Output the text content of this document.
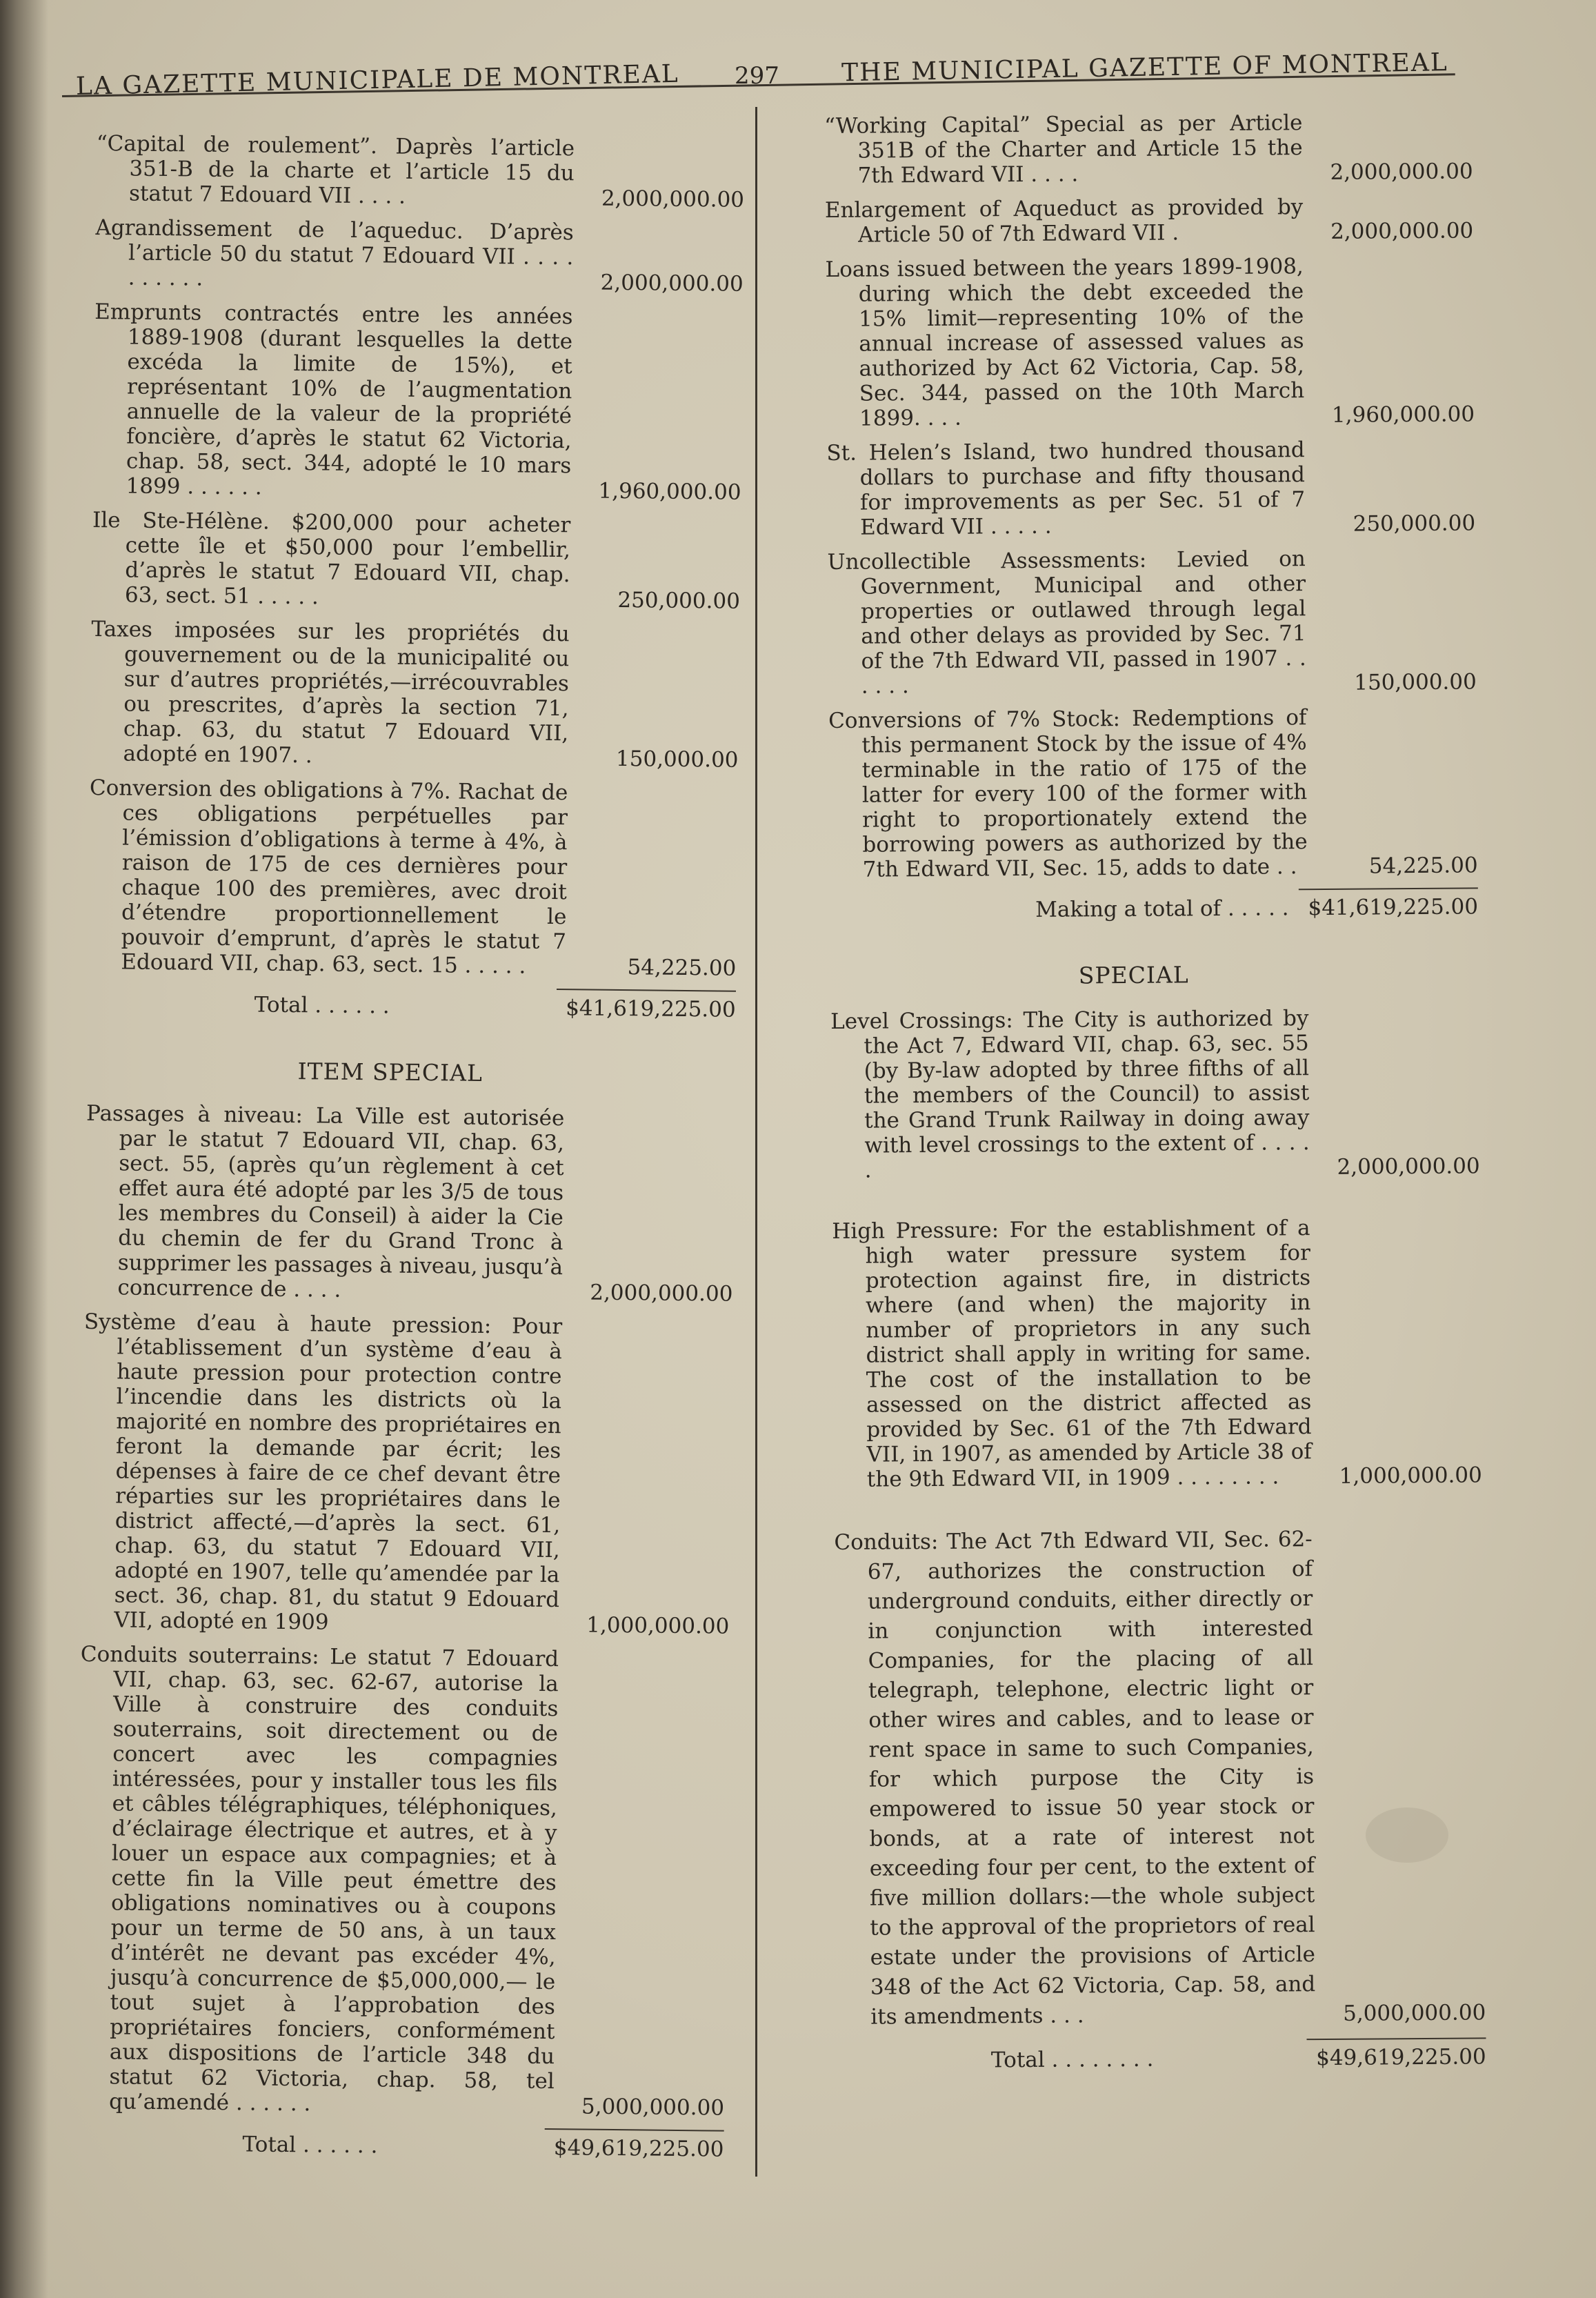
LA GAZETTE MUNICIPALE DE MONTREAL 297	THE MUNICIPAL GAZETTE OF MONTREAL
“Capital de roulement”. Daprès l’article 351-B de la charte et l’article 15 du statut 7 Edouard VII . . . .	2,000,000.00
Agrandissement de l’aqueduc. D’après l’article 50 du statut 7 Edouard VII . . . . . . . . . .	2,000,000.00
Emprunts contractés entre les années 1889-1908 (durant lesquelles la dette excéda la limite de 15%), et représentant 10% de l’augmentation annuelle de la valeur de la propriété foncière, d’après le statut 62 Victoria, chap. 58, sect. 344, adopté le 10 mars 1899 . . . . . .	1,960,000.00
Ile Ste-Hélène. $200,000 pour acheter cette île et $50,000 pour l’embellir, d’après le statut 7 Edouard VII, chap. 63, sect. 51 . . . . .	250,000.00
Taxes imposées sur les propriétés du gouvernement ou de la municipalité ou sur d’autres propriétés,—irrécouvrables ou prescrites, d’après la section 71, chap. 63, du statut 7 Edouard VII, adopté en 1907. .	150,000.00
Conversion des obligations à 7%. Rachat de ces obligations perpétuelles par l’émission d’obligations à terme à 4%, à raison de 175 de ces dernières pour chaque 100 des premières, avec droit d’étendre proportionnellement le pouvoir d’emprunt, d’après le statut 7 Edouard VII, chap. 63, sect. 15 . . . . .	54,225.00
Total . . . . . .	$41,619,225.00
ITEM SPECIAL
Passages à niveau: La Ville est autorisée par le statut 7 Edouard VII, chap. 63, sect. 55, (après qu’un règlement à cet effet aura été adopté par les 3/5 de tous les membres du Conseil) à aider la Cie du chemin de fer du Grand Tronc à supprimer les passages à niveau, jusqu’à concurrence de . . . .	2,000,000.00
Système d’eau à haute pression: Pour l’établissement d’un système d’eau à haute pression pour protection contre l’incendie dans les districts où la majorité en nombre des propriétaires en feront la demande par écrit; les dépenses à faire de ce chef devant être réparties sur les propriétaires dans le district affecté,—d’après la sect. 61, chap. 63, du statut 7 Edouard VII, adopté en 1907, telle qu’amendée par la sect. 36, chap. 81, du statut 9 Edouard VII, adopté en 1909	1,000,000.00
Conduits souterrains: Le statut 7 Edouard VII, chap. 63, sec. 62-67, autorise la Ville à construire des conduits souterrains, soit directement ou de concert avec les compagnies intéressées, pour y installer tous les fils et câbles télégraphiques, téléphoniques, d’éclairage électrique et autres, et à y louer un espace aux compagnies; et à cette fin la Ville peut émettre des obligations nominatives ou à coupons pour un terme de 50 ans, à un taux d’intérêt ne devant pas excéder 4%, jusqu’à concurrence de $5,000,000,— le tout sujet à l’approbation des propriétaires fonciers, conformément aux dispositions de l’article 348 du statut 62 Victoria, chap. 58, tel qu’amendé . . . . . .	5,000,000.00
Total . . . . . .	$49,619,225.00
“Working Capital” Special as per Article 351B of the Charter and Article 15 the 7th Edward VII . . . .	2,000,000.00
Enlargement of Aqueduct as provided by Article 50 of 7th Edward VII .	2,000,000.00
Loans issued between the years 1899-1908, during which the debt exceeded the 15% limit—representing 10% of the annual increase of assessed values as authorized by Act 62 Victoria, Cap. 58, Sec. 344, passed on the 10th March 1899. . . .	1,960,000.00
St. Helen’s Island, two hundred thousand dollars to purchase and fifty thousand for improvements as per Sec. 51 of 7 Edward VII . . . . .	250,000.00
Uncollectible Assessments: Levied on Government, Municipal and other properties or outlawed through legal and other delays as provided by Sec. 71 of the 7th Edward VII, passed in 1907 . . . . . .	150,000.00
Conversions of 7% Stock: Redemptions of this permanent Stock by the issue of 4% terminable in the ratio of 175 of the latter for every 100 of the former with right to proportionately extend the borrowing powers as authorized by the 7th Edward VII, Sec. 15, adds to date . .	54,225.00
Making a total of . . . . . $41,619,225.00
SPECIAL
Level Crossings: The City is authorized by the Act 7, Edward VII, chap. 63, sec. 55 (by By-law adopted by three fifths of all the members of the Council) to assist the Grand Trunk Railway in doing away with level crossings to the extent of . . . . .	2,000,000.00
High Pressure: For the establishment of a high water pressure system for protection against fire, in districts where (and when) the majority in number of proprietors in any such district shall apply in writing for same. The cost of the installation to be assessed on the district affected as provided by Sec. 61 of the 7th Edward VII, in 1907, as amended by Article 38 of the 9th Edward VII, in 1909 . . . . . . . .	1,000,000.00
Conduits: The Act 7th Edward VII, Sec. 62-67, authorizes the construction of underground conduits, either directly or in conjunction with interested Companies, for the placing of all telegraph, telephone, electric light or other wires and cables, and to lease or rent space in same to such Companies, for which purpose the City is empowered to issue 50 year stock or bonds, at a rate of interest not exceeding four per cent, to the extent of five million dollars:—the whole subject to the approval of the proprietors of real estate under the provisions of Article 348 of the Act 62 Victoria, Cap. 58, and its amendments . . .	5,000,000.00
Total . . . . . . . .	$49,619,225.00
